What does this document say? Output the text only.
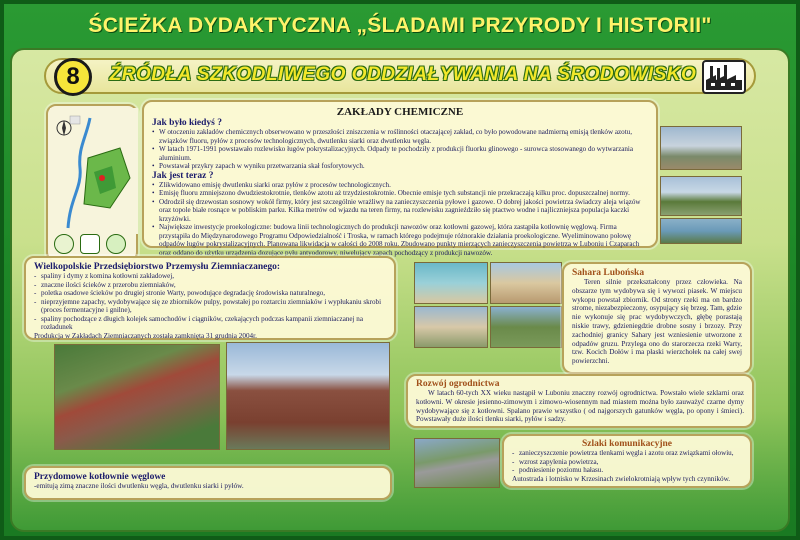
ŚCIEŻKA DYDAKTYCZNA „ŚLADAMI PRZYRODY I HISTORII"
8	ŹRÓDŁA SZKODLIWEGO ODDZIAŁYWANIA NA ŚRODOWISKO
ZAKŁADY CHEMICZNE
Jak było kiedyś ?
• W otoczeniu zakładów chemicznych obserwowano w przeszłości zniszczenia w roślinności otaczającej zakład, co było powodowane nadmierną emisją tlenków azotu, związków fluoru, pyłów z procesów technologicznych, dwutlenku siarki oraz dwutlenku węgla.
• W latach 1971-1991 powstawało rozlewisko ługów pokrystalizacyjnych. Odpady te pochodziły z produkcji fluorku glinowego - surowca stosowanego do wytwarzania aluminium.
• Powstawał przykry zapach w wyniku przetwarzania skał fosforytowych.
Jak jest teraz ?
• Zlikwidowano emisję dwutlenku siarki oraz pyłów z procesów technologicznych.
• Emisję fluoru zmniejszono dwudziestokrotnie, tlenków azotu aż trzydziestokrotnie. Obecnie emisje tych substancji nie przekraczają kilku proc. dopuszczalnej normy.
• Odrodził się drzewostan sosnowy wokół firmy, który jest szczególnie wrażliwy na zanieczyszczenia pyłowe i gazowe. O dobrej jakości powietrza świadczy aleja wiązów oraz topole białe rosnące w pobliskim parku. Kilka metrów od wjazdu na teren firmy, na rozlewisku zagnieździło się ptactwo wodne i najliczniejsza populacja kaczki krzyżówki.
• Największe inwestycje proekologiczne: budowa linii technologicznych do produkcji nawozów oraz kotłowni gazowej, która zastąpiła kotłownię węglową. Firma przystąpiła do Międzynarodowego Programu Odpowiedzialność i Troska, w ramach którego podejmuje różnorakie działania proekologiczne. Wyeliminowano połowę odpadów ługów pokrystalizacyjnych. Planowana likwidacja w całości do 2008 roku. Zbudowano punkty mierzących zanieczyszczenia powietrza w Luboniu i Czaparach oraz oddano do użytku urządzenia dozujące pyłu antyodorowy, niwelujący zapach pochodzący z produkcji nawozów.
Wielkopolskie Przedsiębiorstwo Przemysłu Ziemniaczanego:
- spaliny i dymy z komina kotłowni zakładowej,
- znaczne ilości ścieków z przerobu ziemniaków,
- poletka osadowe ścieków po drugiej stronie Warty, powodujące degradację środowiska naturalnego,
- nieprzyjemne zapachy, wydobywające się ze zbiorników pulpy, powstałej po roztarciu ziemniaków i wypłukaniu skrobi (proces fermentacyjne i gnilne),
- spaliny pochodzące z długich kolejek samochodów i ciągników, czekających podczas kampanii ziemniaczanej na rozładunek
Produkcja w Zakładach Ziemniaczanych została zamknięta 31 grudnia 2004r.
Przydomowe kotłownie węglowe
-emitują zimą znaczne ilości dwutlenku węgla, dwutlenku siarki i pyłów.
Sahara Lubońska
Teren silnie przekształcony przez człowieka. Na obszarze tym wydobywa się i wywozi piasek. W miejscu wykopu powstał zbiornik. Od strony rzeki ma on bardzo strome, niezabezpieczony, osypujący się brzeg. Tam, gdzie nie wykonuje się prac wydobywczych, głębę porastają niskie trawy, gdzieniegdzie drobne sosny i brzozy. Przy zachodniej granicy Sahary jest wzniesienie utworzone z odpadów gruzu. Przylega ono do starorzecza rzeki Warty, tzw. Kocich Dołów i ma płaski wierzchołek na całej swej powierzchni.
Rozwój ogrodnictwa
W latach 60-tych XX wieku nastąpił w Luboniu znaczny rozwój ogrodnictwa. Powstało wiele szklarni oraz kotłowni. W okresie jesienno-zimowym i zimowo-wiosennym nad miastem można było zauważyć czarne dymy wydobywające się z kotłowni. Spalano prawie wszystko ( od najgorszych gatunków węgla, po opony i śmieci). Powstawały duże ilości tlenku siarki, pyłów i sadzy.
Szlaki komunikacyjne
- zanieczyszczenie powietrza tlenkami węgla i azotu oraz związkami ołowiu,
- wzrost zapylenia powietrza,
- podniesienie poziomu hałasu.
Autostrada i lotnisko w Krzesinach zwielokrotniają wpływ tych czynników.
